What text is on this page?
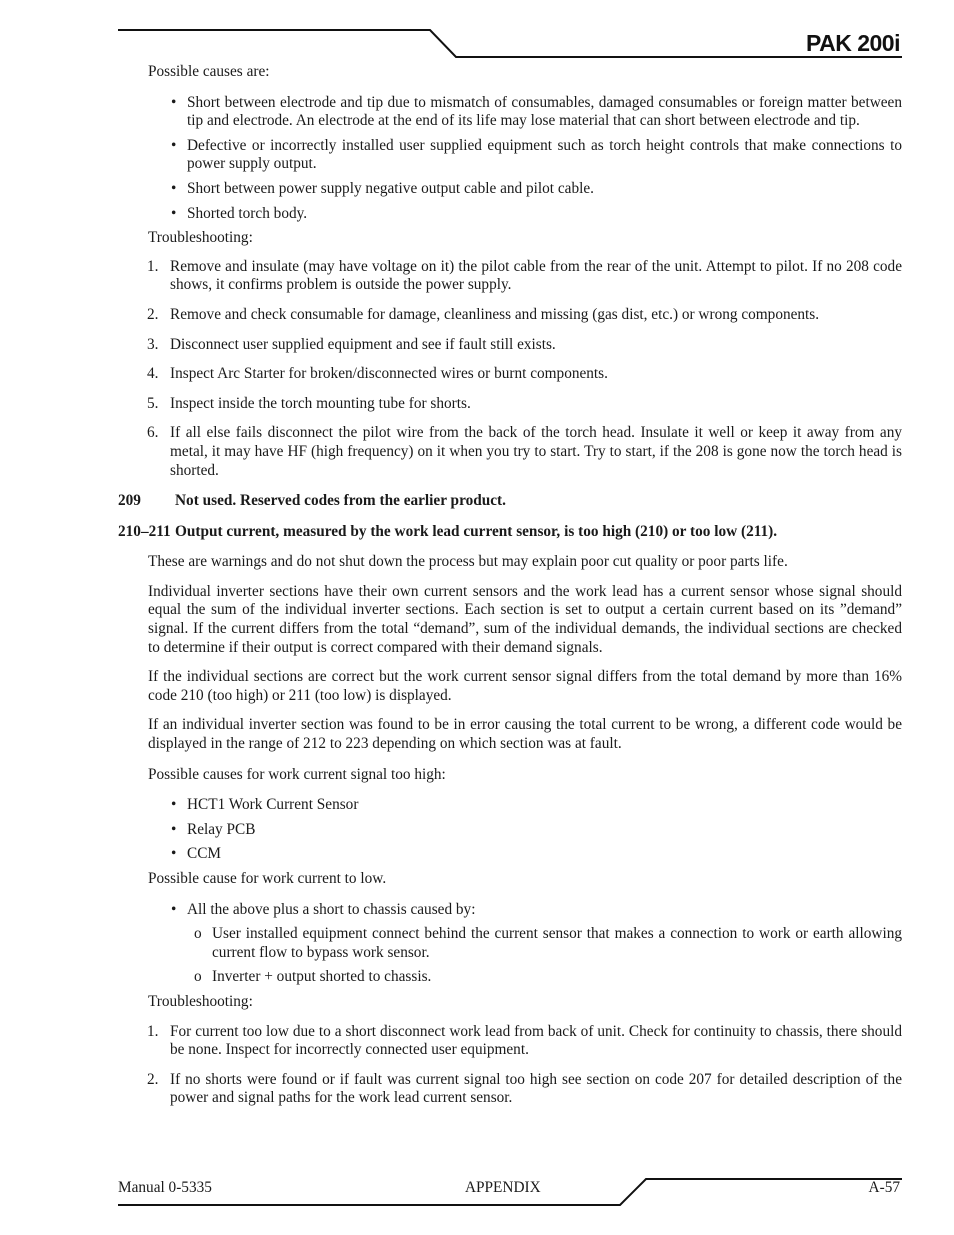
PAK 200i

Possible causes are:

• Short between electrode and tip due to mismatch of consumables, damaged consumables or foreign matter between tip and electrode. An electrode at the end of its life may lose material that can short between electrode and tip.

• Defective or incorrectly installed user supplied equipment such as torch height controls that make connections to power supply output.

• Short between power supply negative output cable and pilot cable.

• Shorted torch body.

Troubleshooting:

1. Remove and insulate (may have voltage on it) the pilot cable from the rear of the unit. Attempt to pilot. If no 208 code shows, it confirms problem is outside the power supply.

2. Remove and check consumable for damage, cleanliness and missing (gas dist, etc.) or wrong components.

3. Disconnect user supplied equipment and see if fault still exists.

4. Inspect Arc Starter for broken/disconnected wires or burnt components.

5. Inspect inside the torch mounting tube for shorts.

6. If all else fails disconnect the pilot wire from the back of the torch head. Insulate it well or keep it away from any metal, it may have HF (high frequency) on it when you try to start. Try to start, if the 208 is gone now the torch head is shorted.

209 Not used. Reserved codes from the earlier product.

210–211 Output current, measured by the work lead current sensor, is too high (210) or too low (211).

These are warnings and do not shut down the process but may explain poor cut quality or poor parts life.

Individual inverter sections have their own current sensors and the work lead has a current sensor whose signal should equal the sum of the individual inverter sections. Each section is set to output a certain current based on its ”demand” signal. If the current differs from the total “demand”, sum of the individual demands, the individual sections are checked to determine if their output is correct compared with their demand signals.

If the individual sections are correct but the work current sensor signal differs from the total demand by more than 16% code 210 (too high) or 211 (too low) is displayed.

If an individual inverter section was found to be in error causing the total current to be wrong, a different code would be displayed in the range of 212 to 223 depending on which section was at fault.

Possible causes for work current signal too high:

• HCT1 Work Current Sensor

• Relay PCB

• CCM

Possible cause for work current to low.

• All the above plus a short to chassis caused by:

o User installed equipment connect behind the current sensor that makes a connection to work or earth allowing current flow to bypass work sensor.

o Inverter + output shorted to chassis.

Troubleshooting:

1. For current too low due to a short disconnect work lead from back of unit. Check for continuity to chassis, there should be none. Inspect for incorrectly connected user equipment.

2. If no shorts were found or if fault was current signal too high see section on code 207 for detailed description of the power and signal paths for the work lead current sensor.

Manual 0-5335	APPENDIX	A-57
